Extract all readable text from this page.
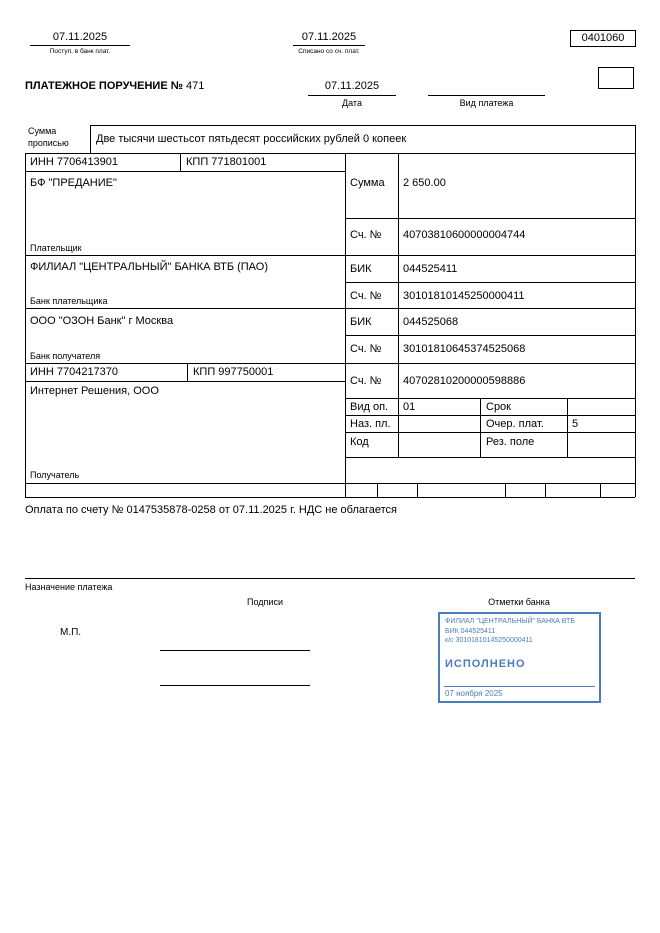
07.11.2025
Поступ. в банк плат.
07.11.2025
Списано со сч. плат.
0401060
ПЛАТЕЖНОЕ ПОРУЧЕНИЕ № 471	07.11.2025
Дата	Вид платежа
Сумма
прописью Две тысячи шестьсот пятьдесят российских рублей 0 копеек
ИНН 7706413901	КПП 771801001
БФ "ПРЕДАНИЕ"
Плательщик
ФИЛИАЛ "ЦЕНТРАЛЬНЫЙ" БАНКА ВТБ (ПАО)
Банк плательщика
ООО "ОЗОН Банк" г Москва
Банк получателя
ИНН 7704217370	КПП 997750001
Интернет Решения, ООО
Получатель
Сумма 2 650.00
Сч. № 40703810600000004744
БИК	044525411
Сч. № 30101810145250000411
БИК	044525068
Сч. № 30101810645374525068
Сч. № 40702810200000598886
Вид оп. 01	Срок
Наз. пл.	Очер. плат.	5
Код	Рез. поле
Оплата по счету № 0147535878-0258 от 07.11.2025 г. НДС не облагается
Назначение платежа
Подписи	Отметки банка
М.П.
ФИЛИАЛ "ЦЕНТРАЛЬНЫЙ" БАНКА ВТБ
БИК 044525411
к/с 30101810145250000411
ИСПОЛНЕНО
07 ноября 2025
